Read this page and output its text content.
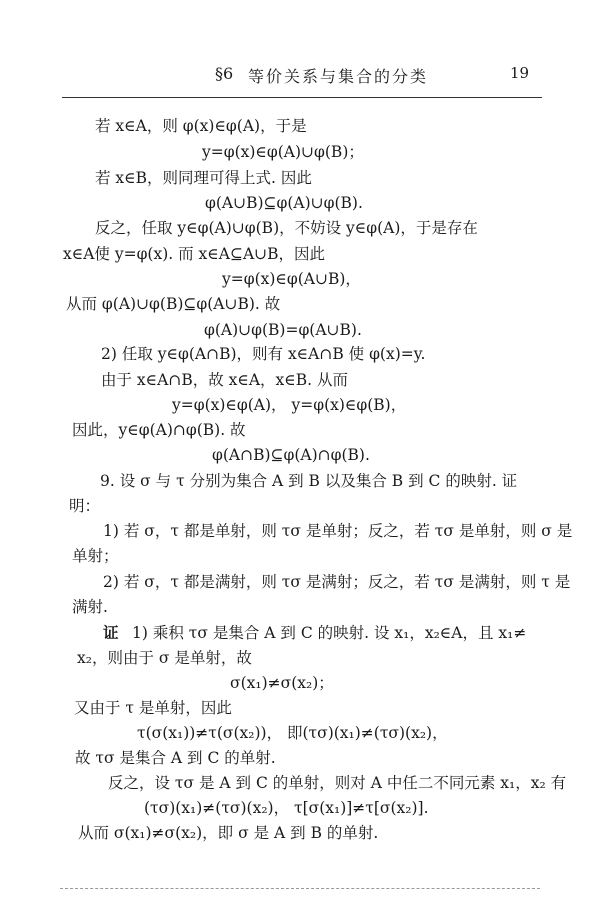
§6 等价关系与集合的分类	19
若 x∈A，则 φ(x)∈φ(A)，于是
y=φ(x)∈φ(A)∪φ(B)；
若 x∈B，则同理可得上式. 因此
φ(A∪B)⊆φ(A)∪φ(B).
反之，任取 y∈φ(A)∪φ(B)，不妨设 y∈φ(A)，于是存在
x∈A使 y=φ(x). 而 x∈A⊆A∪B，因此
y=φ(x)∈φ(A∪B)，
从而 φ(A)∪φ(B)⊆φ(A∪B). 故
φ(A)∪φ(B)=φ(A∪B).
2) 任取 y∈φ(A∩B)，则有 x∈A∩B 使 φ(x)=y.
由于 x∈A∩B，故 x∈A，x∈B. 从而
y=φ(x)∈φ(A)， y=φ(x)∈φ(B)，
因此，y∈φ(A)∩φ(B). 故
φ(A∩B)⊆φ(A)∩φ(B).
9. 设 σ 与 τ 分别为集合 A 到 B 以及集合 B 到 C 的映射. 证
明：
1) 若 σ，τ 都是单射，则 τσ 是单射；反之，若 τσ 是单射，则 σ 是
单射；
2) 若 σ，τ 都是满射，则 τσ 是满射；反之，若 τσ 是满射，则 τ 是
满射.
证 1) 乘积 τσ 是集合 A 到 C 的映射. 设 x₁，x₂∈A，且 x₁≠
x₂，则由于 σ 是单射，故
σ(x₁)≠σ(x₂)；
又由于 τ 是单射，因此
τ(σ(x₁))≠τ(σ(x₂))， 即(τσ)(x₁)≠(τσ)(x₂)，
故 τσ 是集合 A 到 C 的单射.
反之，设 τσ 是 A 到 C 的单射，则对 A 中任二不同元素 x₁，x₂ 有
(τσ)(x₁)≠(τσ)(x₂)， τ[σ(x₁)]≠τ[σ(x₂)].
从而 σ(x₁)≠σ(x₂)，即 σ 是 A 到 B 的单射.
